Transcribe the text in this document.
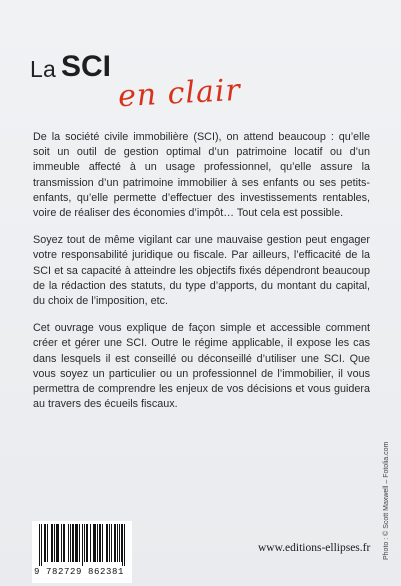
La SCI
en clair

De la société civile immobilière (SCI), on attend beaucoup : qu’elle soit un outil de gestion optimal d’un patrimoine locatif ou d’un immeuble affecté à un usage professionnel, qu’elle assure la transmission d’un patrimoine immobilier à ses enfants ou ses petits-enfants, qu’elle permette d’effectuer des investissements rentables, voire de réaliser des économies d’impôt… Tout cela est possible.

Soyez tout de même vigilant car une mauvaise gestion peut engager votre responsabilité juridique ou fiscale. Par ailleurs, l’efficacité de la SCI et sa capacité à atteindre les objectifs fixés dépendront beaucoup de la rédaction des statuts, du type d’apports, du montant du capital, du choix de l’imposition, etc.

Cet ouvrage vous explique de façon simple et accessible comment créer et gérer une SCI. Outre le régime applicable, il expose les cas dans lesquels il est conseillé ou déconseillé d’utiliser une SCI. Que vous soyez un particulier ou un professionnel de l’immobilier, il vous permettra de comprendre les enjeux de vos décisions et vous guidera au travers des écueils fiscaux.

Photo : © Scott Maxwell – Fotolia.com
9 782729 862381
www.editions-ellipses.fr
